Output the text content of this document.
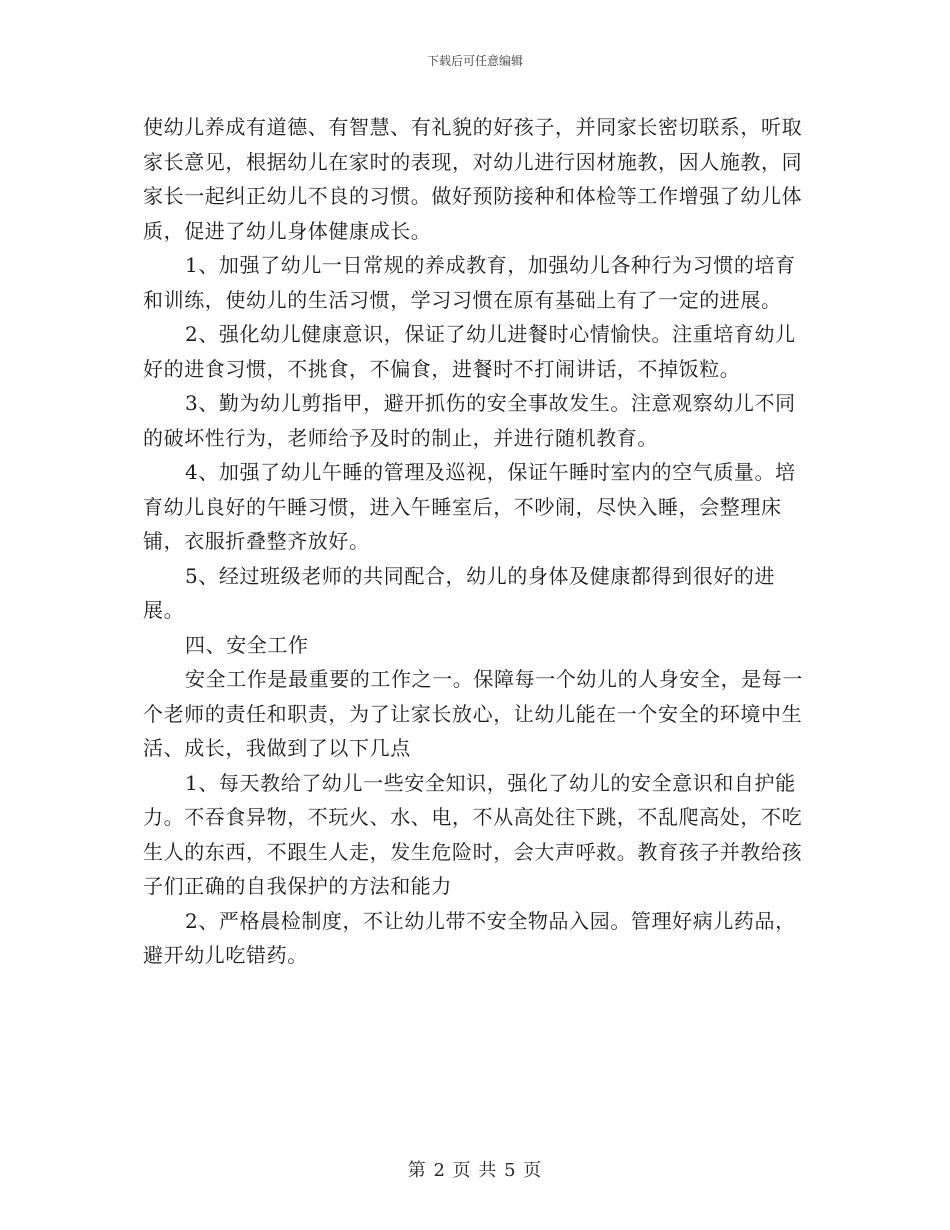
下载后可任意编辑

使幼儿养成有道德、有智慧、有礼貌的好孩子，并同家长密切联系，听取家长意见，根据幼儿在家时的表现，对幼儿进行因材施教，因人施教，同家长一起纠正幼儿不良的习惯。做好预防接种和体检等工作增强了幼儿体质，促进了幼儿身体健康成长。

1、加强了幼儿一日常规的养成教育，加强幼儿各种行为习惯的培育和训练，使幼儿的生活习惯，学习习惯在原有基础上有了一定的进展。

2、强化幼儿健康意识，保证了幼儿进餐时心情愉快。注重培育幼儿好的进食习惯，不挑食，不偏食，进餐时不打闹讲话，不掉饭粒。

3、勤为幼儿剪指甲，避开抓伤的安全事故发生。注意观察幼儿不同的破坏性行为，老师给予及时的制止，并进行随机教育。

4、加强了幼儿午睡的管理及巡视，保证午睡时室内的空气质量。培育幼儿良好的午睡习惯，进入午睡室后，不吵闹，尽快入睡，会整理床铺，衣服折叠整齐放好。

5、经过班级老师的共同配合，幼儿的身体及健康都得到很好的进展。

四、安全工作

安全工作是最重要的工作之一。保障每一个幼儿的人身安全，是每一个老师的责任和职责，为了让家长放心，让幼儿能在一个安全的环境中生活、成长，我做到了以下几点

1、每天教给了幼儿一些安全知识，强化了幼儿的安全意识和自护能力。不吞食异物，不玩火、水、电，不从高处往下跳，不乱爬高处，不吃生人的东西，不跟生人走，发生危险时，会大声呼救。教育孩子并教给孩子们正确的自我保护的方法和能力

2、严格晨检制度，不让幼儿带不安全物品入园。管理好病儿药品，避开幼儿吃错药。

第 2 页 共 5 页
